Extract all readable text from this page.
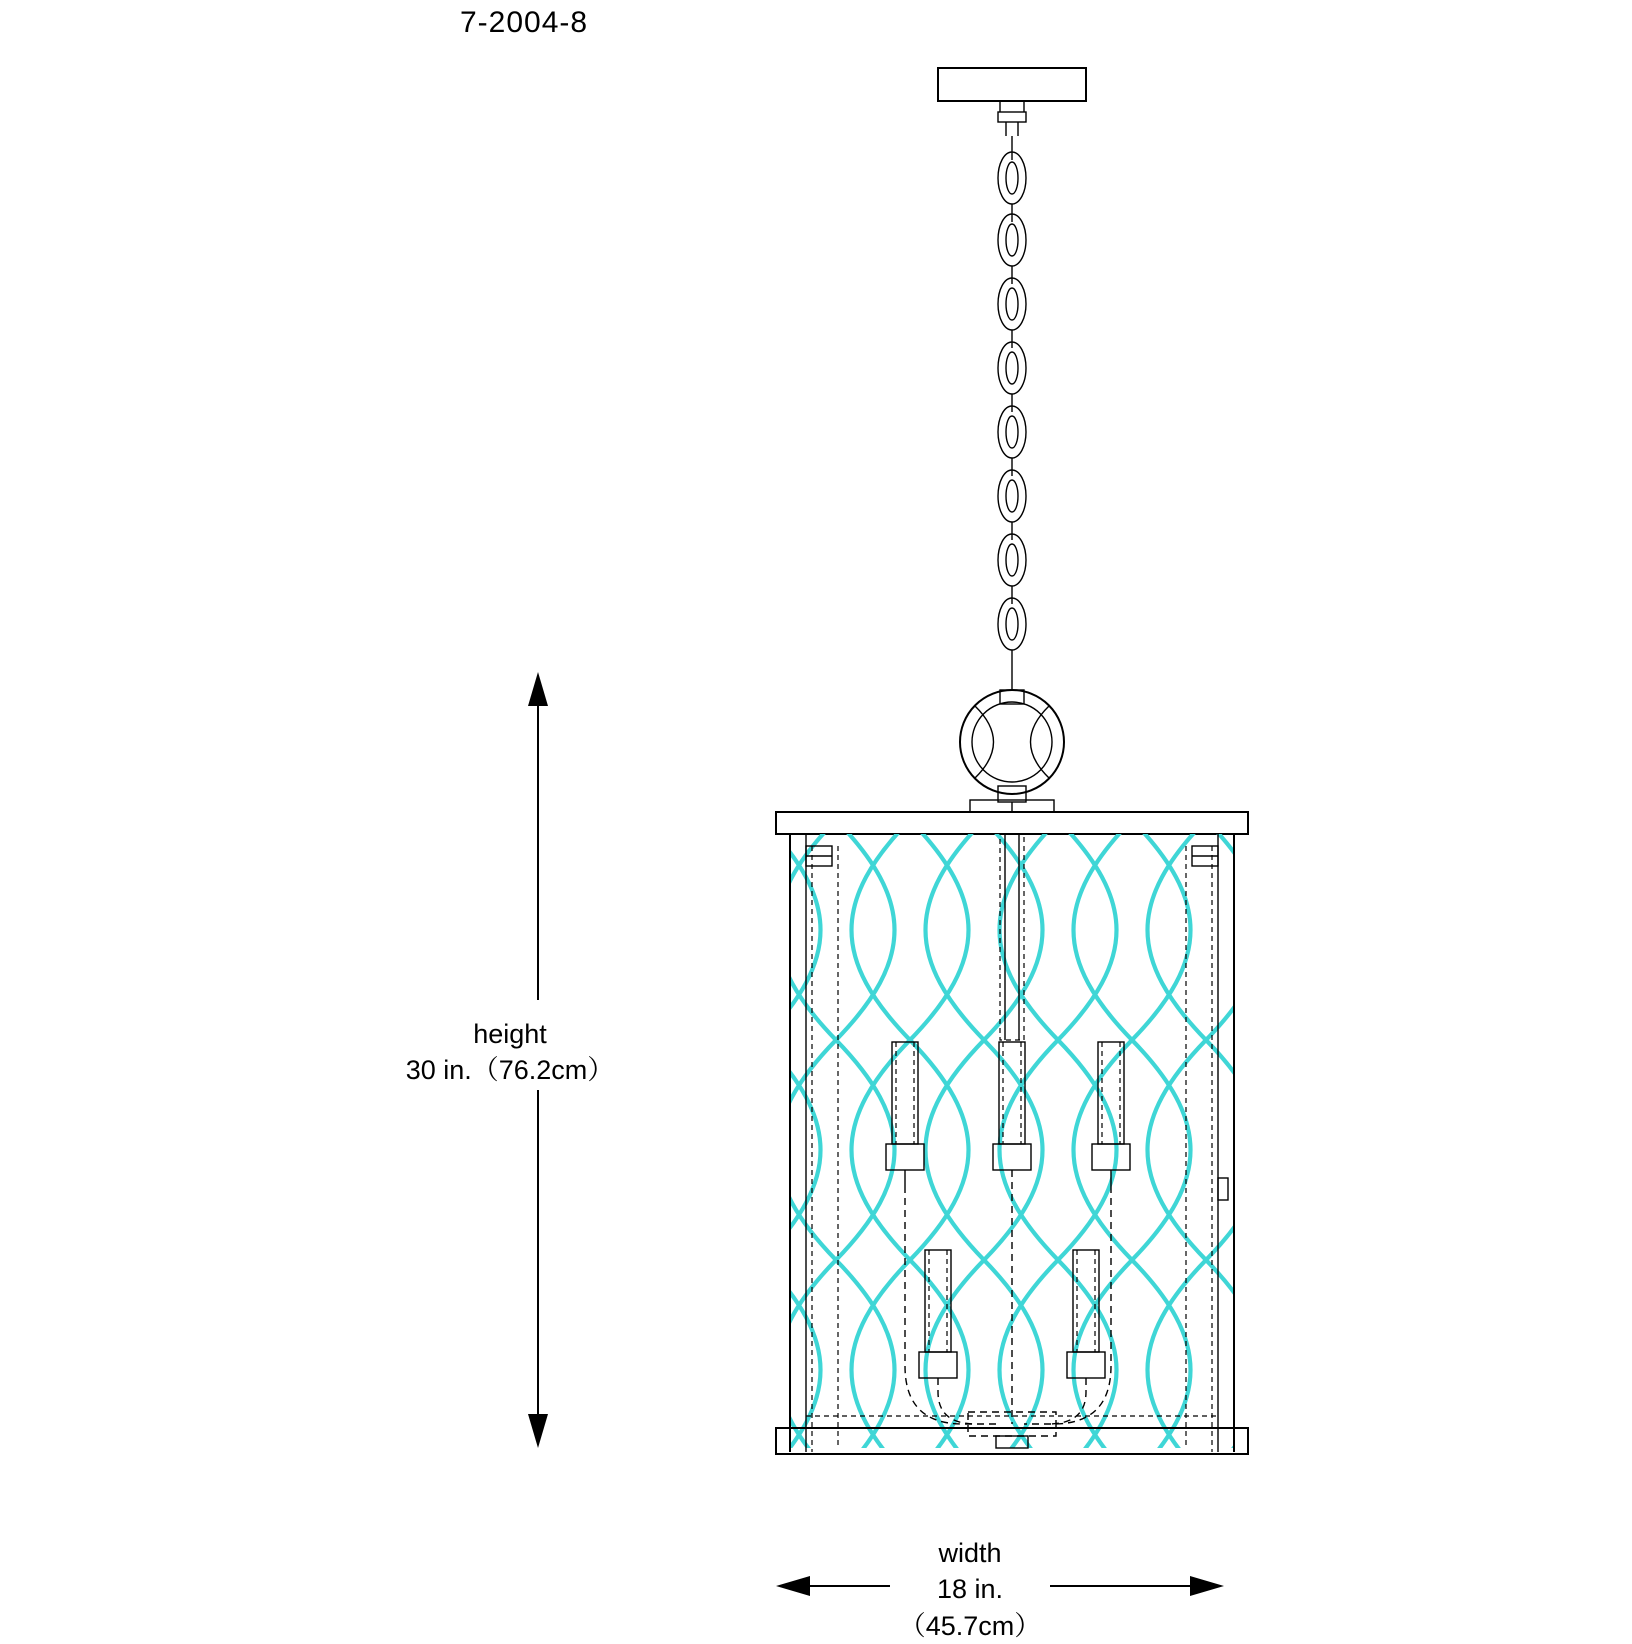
7-2004-8
height
30 in.（76.2cm）
width
18 in.
（45.7cm）
